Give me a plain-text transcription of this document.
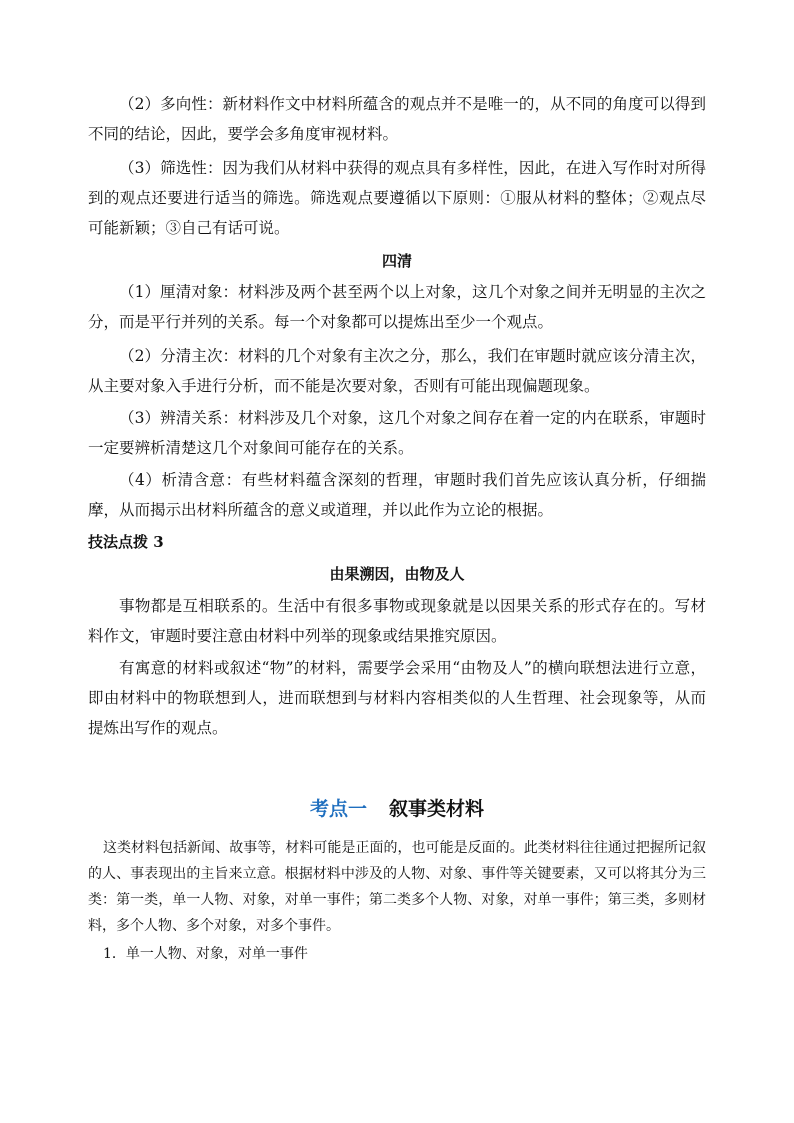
（2）多向性：新材料作文中材料所蕴含的观点并不是唯一的，从不同的角度可以得到不同的结论，因此，要学会多角度审视材料。

（3）筛选性：因为我们从材料中获得的观点具有多样性，因此，在进入写作时对所得到的观点还要进行适当的筛选。筛选观点要遵循以下原则：①服从材料的整体；②观点尽可能新颖；③自己有话可说。

四清

（1）厘清对象：材料涉及两个甚至两个以上对象，这几个对象之间并无明显的主次之分，而是平行并列的关系。每一个对象都可以提炼出至少一个观点。

（2）分清主次：材料的几个对象有主次之分，那么，我们在审题时就应该分清主次，从主要对象入手进行分析，而不能是次要对象，否则有可能出现偏题现象。

（3）辨清关系：材料涉及几个对象，这几个对象之间存在着一定的内在联系，审题时一定要辨析清楚这几个对象间可能存在的关系。

（4）析清含意：有些材料蕴含深刻的哲理，审题时我们首先应该认真分析，仔细揣摩，从而揭示出材料所蕴含的意义或道理，并以此作为立论的根据。

技法点拨 3
由果溯因，由物及人

事物都是互相联系的。生活中有很多事物或现象就是以因果关系的形式存在的。写材料作文，审题时要注意由材料中列举的现象或结果推究原因。

有寓意的材料或叙述“物”的材料，需要学会采用“由物及人”的横向联想法进行立意，即由材料中的物联想到人，进而联想到与材料内容相类似的人生哲理、社会现象等，从而提炼出写作的观点。

考点一 叙事类材料

这类材料包括新闻、故事等，材料可能是正面的，也可能是反面的。此类材料往往通过把握所记叙的人、事表现出的主旨来立意。根据材料中涉及的人物、对象、事件等关键要素，又可以将其分为三类：第一类，单一人物、对象，对单一事件；第二类多个人物、对象，对单一事件；第三类，多则材料，多个人物、多个对象，对多个事件。

1．单一人物、对象，对单一事件
